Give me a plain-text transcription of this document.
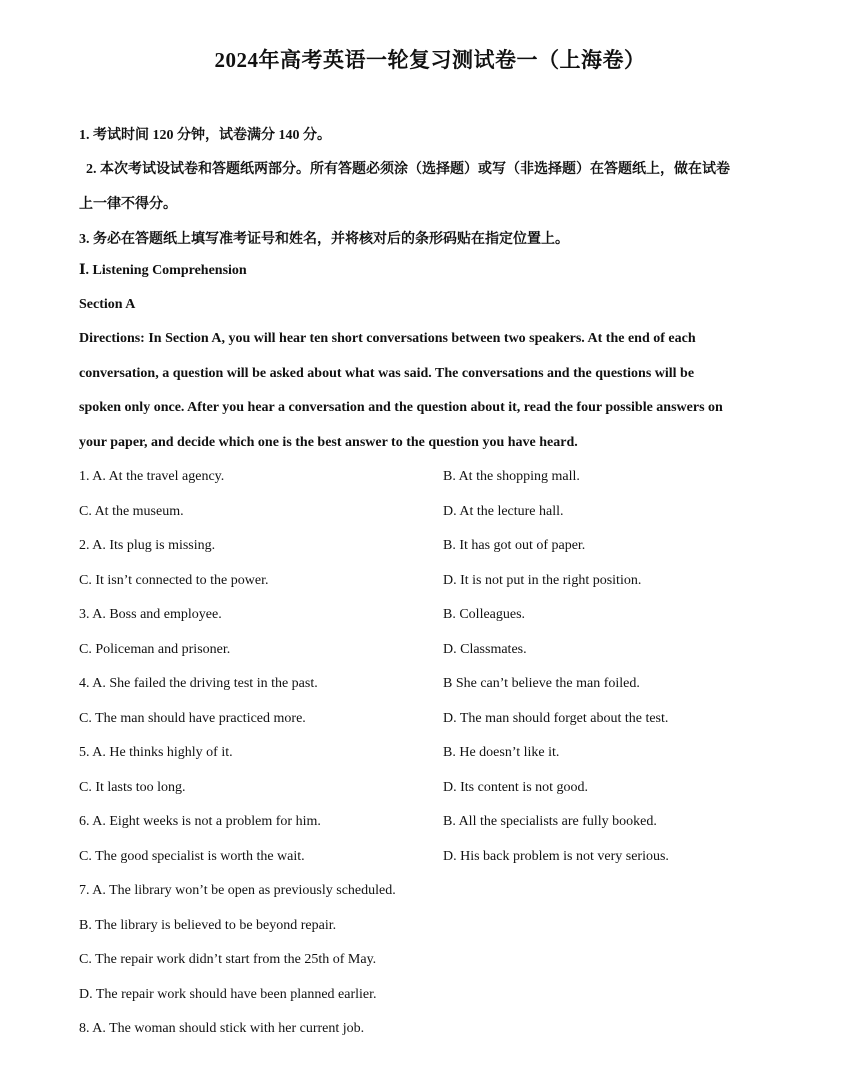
2024年高考英语一轮复习测试卷一（上海卷）
1. 考试时间 120 分钟，试卷满分 140 分。
2. 本次考试设试卷和答题纸两部分。所有答题必须涂（选择题）或写（非选择题）在答题纸上，做在试卷
上一律不得分。
3. 务必在答题纸上填写准考证号和姓名，并将核对后的条形码贴在指定位置上。
Ⅰ. Listening Comprehension
Section A
Directions: In Section A, you will hear ten short conversations between two speakers. At the end of each
conversation, a question will be asked about what was said. The conversations and the questions will be
spoken only once. After you hear a conversation and the question about it, read the four possible answers on
your paper, and decide which one is the best answer to the question you have heard.
1. A. At the travel agency.	B. At the shopping mall.
C. At the museum.	D. At the lecture hall.
2. A. Its plug is missing.	B. It has got out of paper.
C. It isn’t connected to the power.	D. It is not put in the right position.
3. A. Boss and employee.	B. Colleagues.
C. Policeman and prisoner.	D. Classmates.
4. A. She failed the driving test in the past.	B She can’t believe the man foiled.
C. The man should have practiced more.	D. The man should forget about the test.
5. A. He thinks highly of it.	B. He doesn’t like it.
C. It lasts too long.	D. Its content is not good.
6. A. Eight weeks is not a problem for him.	B. All the specialists are fully booked.
C. The good specialist is worth the wait.	D. His back problem is not very serious.
7. A. The library won’t be open as previously scheduled.
B. The library is believed to be beyond repair.
C. The repair work didn’t start from the 25th of May.
D. The repair work should have been planned earlier.
8. A. The woman should stick with her current job.
